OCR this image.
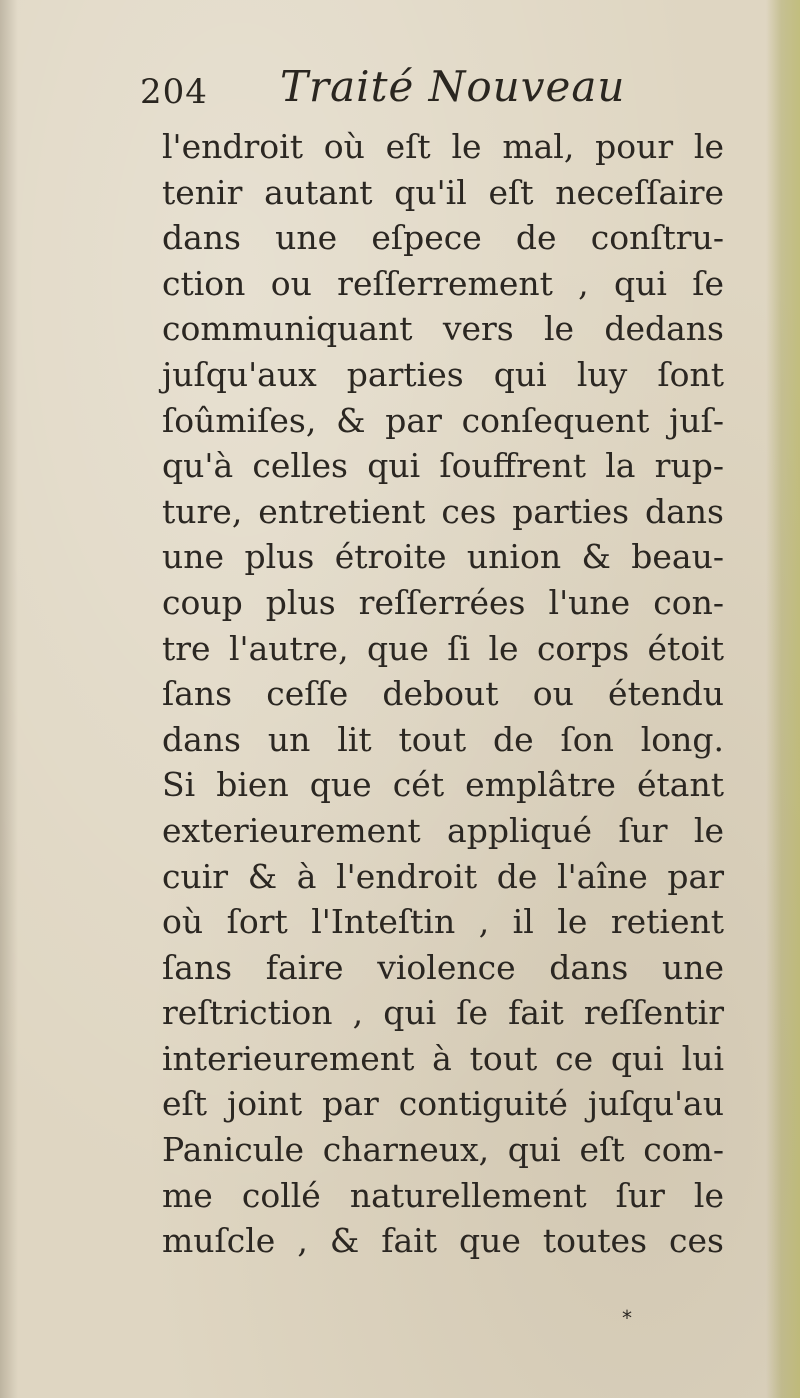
204 Traité Nouveau
l'endroit où eſt le mal, pour le
tenir autant qu'il eſt neceſſaire
dans une eſpece de conſtru-
ction ou reſſerrement , qui ſe
communiquant vers le dedans
juſqu'aux parties qui luy ſont
ſoûmiſes, & par conſequent juſ-
qu'à celles qui ſouffrent la rup-
ture, entretient ces parties dans
une plus étroite union & beau-
coup plus reſſerrées l'une con-
tre l'autre, que ſi le corps étoit
ſans ceſſe debout ou étendu
dans un lit tout de ſon long.
Si bien que cét emplâtre étant
exterieurement appliqué ſur le
cuir & à l'endroit de l'aîne par
où ſort l'Inteſtin , il le retient
ſans faire violence dans une
reſtriction , qui ſe fait reſſentir
interieurement à tout ce qui lui
eſt joint par contiguité juſqu'au
Panicule charneux, qui eſt com-
me collé naturellement ſur le
muſcle , & fait que toutes ces
*
